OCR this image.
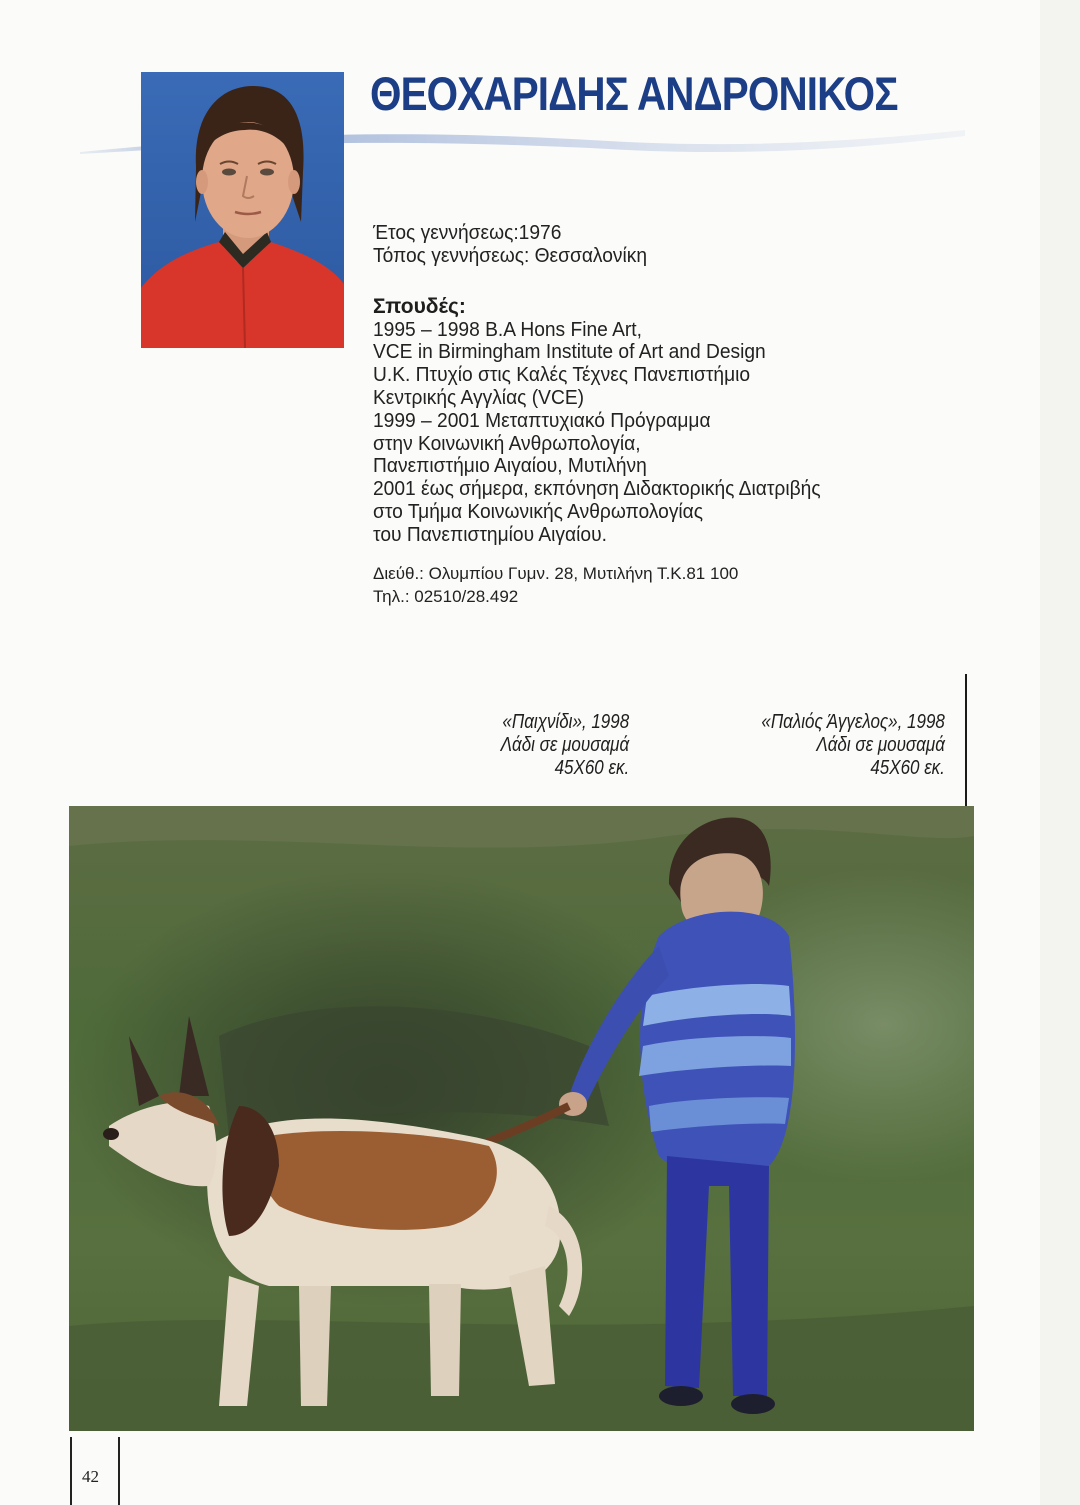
ΘΕΟΧΑΡΙΔΗΣ ΑΝΔΡΟΝΙΚΟΣ
Έτος γεννήσεως:1976
Τόπος γεννήσεως: Θεσσαλονίκη
Σπουδές:
1995 – 1998 B.A Hons Fine Art,
VCE in Birmingham Institute of Art and Design
U.K. Πτυχίο στις Καλές Τέχνες Πανεπιστήμιο
Κεντρικής Αγγλίας (VCE)
1999 – 2001 Μεταπτυχιακό Πρόγραμμα
στην Κοινωνική Ανθρωπολογία,
Πανεπιστήμιο Αιγαίου, Μυτιλήνη
2001 έως σήμερα, εκπόνηση Διδακτορικής Διατριβής
στο Τμήμα Κοινωνικής Ανθρωπολογίας
του Πανεπιστημίου Αιγαίου.
Διεύθ.: Ολυμπίου Γυμν. 28, Μυτιλήνη Τ.Κ.81 100
Τηλ.: 02510/28.492
«Παιχνίδι», 1998
Λάδι σε μουσαμά
45Χ60 εκ.
«Παλιός Άγγελος», 1998
Λάδι σε μουσαμά
45Χ60 εκ.
42
